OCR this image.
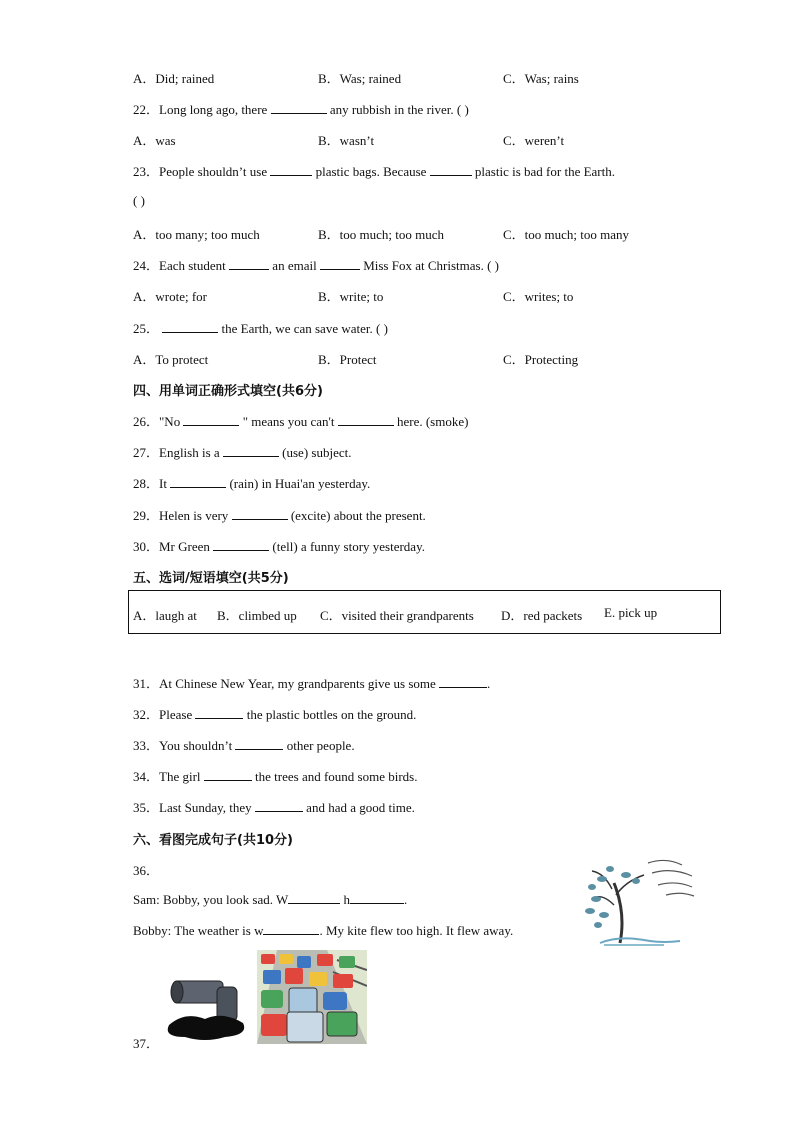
A．Did; rained	B．Was; rained	C．Was; rains
22．Long long ago, there	any rubbish in the river. ( )
A．was	B．wasn’t	C．weren’t
23．People shouldn’t use	plastic bags. Because	plastic is bad for the Earth.
( )
A．too many; too much	B．too much; too much	C．too much; too many
24．Each student	an email	Miss Fox at Christmas. ( )
A．wrote; for	B．write; to	C．writes; to
25．	the Earth, we can save water. ( )
A．To protect	B．Protect	C．Protecting
四、用单词正确形式填空(共6分)
26．"No	" means you can't	here. (smoke)
27．English is a	(use) subject.
28．It	(rain) in Huai'an yesterday.
29．Helen is very	(excite) about the present.
30．Mr Green	(tell) a funny story yesterday.
五、选词/短语填空(共5分)
A．laugh at B．climbed up C．visited their grandparents D．red packets E. pick up
31．At Chinese New Year, my grandparents give us some	.
32．Please	the plastic bottles on the ground.
33．You shouldn’t	other people.
34．The girl	the trees and found some birds.
35．Last Sunday, they	and had a good time.
六、看图完成句子(共10分)
36．
Sam: Bobby, you look sad. W	h	.
Bobby: The weather is w	. My kite flew too high. It flew away.
37．
